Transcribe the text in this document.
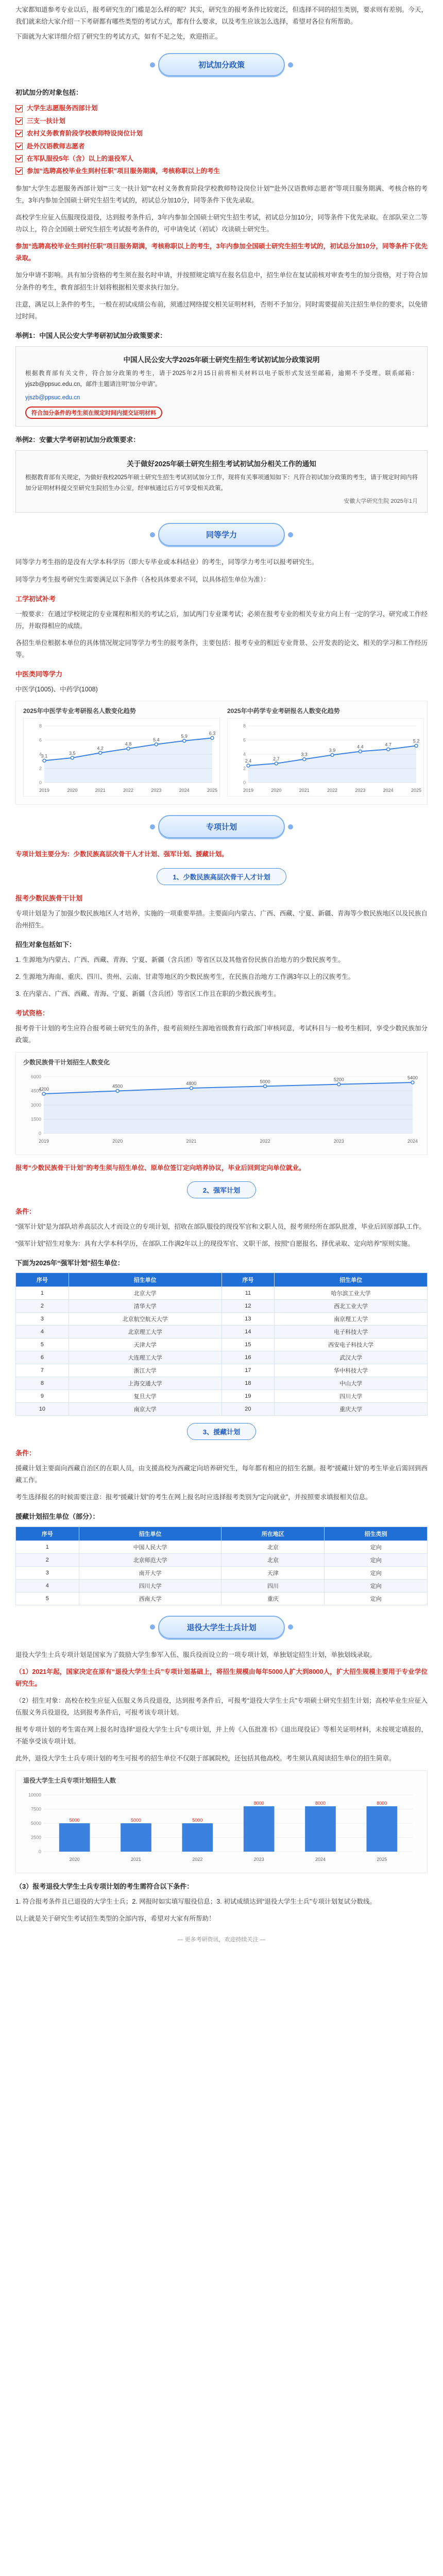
大家都知道参考专业以后，报考研究生的门槛是怎么样的呢？其实，研究生的报考条件比较宽泛，但选择不同的招生类别，要求则有差别。今天，我们就来给大家介绍一下考研都有哪些类型的考试方式，都有什么要求，以及考生应该怎么选择，希望对各位有所帮助。

下面就为大家详细介绍了研究生的考试方式，如有不足之处，欢迎指正。

初试加分政策

初试加分的对象包括：

大学生志愿服务西部计划
三支一扶计划
农村义务教育阶段学校教师特设岗位计划
赴外汉语教师志愿者
在军队服役5年（含）以上的退役军人
参加“选聘高校毕业生到村任职”项目服务期满，考核称职以上的考生

参加“大学生志愿服务西部计划”“三支一扶计划”“农村义务教育阶段学校教师特设岗位计划”“赴外汉语教师志愿者”等项目服务期满、考核合格的考生，3年内参加全国硕士研究生招生考试的，初试总分加10分，同等条件下优先录取。

高校学生应征入伍服现役退役，达到报考条件后，3年内参加全国硕士研究生招生考试，初试总分加10分，同等条件下优先录取。在部队荣立二等功以上，符合全国硕士研究生招生考试报考条件的，可申请免试（初试）攻读硕士研究生。

参加“选聘高校毕业生到村任职”项目服务期满，考核称职以上的考生，3年内参加全国硕士研究生招生考试的，初试总分加10分，同等条件下优先录取。

加分申请不影响。具有加分资格的考生须在报名时申请，并按照规定填写在报名信息中，招生单位在复试前核对审查考生的加分资格，对于符合加分条件的考生，教育部招生计划将根据相关要求执行加分。

注意，满足以上条件的考生，一般在初试成绩公布前，须通过网络提交相关证明材料，否则不予加分。同时需要提前关注招生单位的要求，以免错过时间。

举例1：中国人民公安大学考研初试加分政策要求：

中国人民公安大学2025年硕士研究生招生考试初试加分政策说明

根据教育部有关文件，符合加分政策的考生，请于2025年2月15日前将相关材料以电子版形式发送至邮箱，逾期不予受理。联系邮箱：yjszb@ppsuc.edu.cn，邮件主题请注明“加分申请”。

yjszb@ppsuc.edu.cn

符合加分条件的考生须在规定时间内提交证明材料

举例2：安徽大学考研初试加分政策要求：

关于做好2025年硕士研究生招生考试初试加分相关工作的通知

根据教育部有关规定，为做好我校2025年硕士研究生招生考试初试加分工作，现将有关事项通知如下：凡符合初试加分政策的考生，请于规定时间内将加分证明材料提交至研究生院招生办公室，经审核通过后方可享受相关政策。

安徽大学研究生院 2025年1月
同等学力

同等学力考生指的是没有大学本科学历（即大专毕业或本科结业）的考生，同等学力考生可以报考研究生。

同等学力考生报考研究生需要满足以下条件（各校具体要求不同，以具体招生单位为准）：

工学初试补考

一般要求：在通过学校规定的专业课程和相关的考试之后，加试两门专业课考试；必须在报考专业的相关专业方向上有一定的学习、研究或工作经历，并取得相应的成绩。

各招生单位根据本单位的具体情况规定同等学力考生的报考条件，主要包括：报考专业的相近专业背景、公开发表的论文、相关的学习和工作经历等。

中医类同等学力

中医学(1005)、中药学(1008)

2025年中医学专业考研报名人数变化趋势
0
2
4
6
8
3.1
3.5
4.2
4.8
5.4
5.9
6.3
2019	2020	2021	2022	2023	2024	2025
2025年中药学专业考研报名人数变化趋势
0
2
4
6
8
2.4	2.7
3.3
3.9
4.4	4.7
5.2
2019	2020	2021	2022	2023	2024	2025
专项计划

专项计划主要分为：少数民族高层次骨干人才计划、强军计划、援藏计划。

1、少数民族高层次骨干人才计划

报考少数民族骨干计划

专项计划是为了加强少数民族地区人才培养，实施的一项重要举措。主要面向内蒙古、广西、西藏、宁夏、新疆、青海等少数民族地区以及民族自治州招生。

招生对象包括如下：

1. 生源地为内蒙古、广西、西藏、青海、宁夏、新疆（含兵团）等省区以及其他省份民族自治地方的少数民族考生。

2. 生源地为海南、重庆、四川、贵州、云南、甘肃等地区的少数民族考生，在民族自治地方工作满3年以上的汉族考生。

3. 在内蒙古、广西、西藏、青海、宁夏、新疆（含兵团）等省区工作且在职的少数民族考生。

考试资格：

报考骨干计划的考生应符合报考硕士研究生的条件，报考前须经生源地省级教育行政部门审核同意，考试科目与一般考生相同，享受少数民族加分政策。

少数民族骨干计划招生人数变化
0
1500
3000
4500
6000
4200
4500
4800	5000	5200	5400
2019	2020	2021	2022	2023	2024

报考“少数民族骨干计划”的考生须与招生单位、原单位签订定向培养协议，毕业后回到定向单位就业。

2、强军计划

条件：

“强军计划”是为部队培养高层次人才而设立的专项计划，招收在部队服役的现役军官和文职人员，报考须经所在部队批准，毕业后回原部队工作。

“强军计划”招生对象为：具有大学本科学历，在部队工作满2年以上的现役军官、文职干部，按照“自愿报名、择优录取、定向培养”原则实施。

下面为2025年“强军计划”招生单位：

序号	招生单位	序号	招生单位
1	北京大学	11	哈尔滨工业大学
2	清华大学	12	西北工业大学
3	北京航空航天大学	13	南京理工大学
4	北京理工大学	14	电子科技大学
5	天津大学	15	西安电子科技大学
6	大连理工大学	16	武汉大学
7	浙江大学	17	华中科技大学
8	上海交通大学	18	中山大学
9	复旦大学	19	四川大学
10	南京大学	20	重庆大学
3、援藏计划

条件：

援藏计划主要面向西藏自治区的在职人员，由支援高校为西藏定向培养研究生，每年都有相应的招生名额。报考“援藏计划”的考生毕业后需回到西藏工作。

考生选择报名的时候需要注意：报考“援藏计划”的考生在网上报名时应选择报考类别为“定向就业”，并按照要求填报相关信息。

援藏计划招生单位（部分）：

序号	招生单位	所在地区	招生类别
1	中国人民大学	北京	定向
2	北京师范大学	北京	定向
3	南开大学	天津	定向
4	四川大学	四川	定向
5	西南大学	重庆	定向
退役大学生士兵计划

退役大学生士兵专项计划是国家为了鼓励大学生参军入伍、服兵役而设立的一项专项计划，单独划定招生计划，单独划线录取。

（1）2021年起，国家决定在原有“退役大学生士兵”专项计划基础上，将招生规模由每年5000人扩大到8000人，扩大招生规模主要用于专业学位研究生。

（2）招生对象：高校在校生应征入伍服义务兵役退役，达到报考条件后，可报考“退役大学生士兵”专项硕士研究生招生计划；高校毕业生应征入伍服义务兵役退役，达到报考条件后，可报考该专项计划。

报考专项计划的考生需在网上报名时选择“退役大学生士兵”专项计划，并上传《入伍批准书》《退出现役证》等相关证明材料，未按规定填报的，不能享受该专项计划。

此外，退役大学生士兵专项计划的考生可报考的招生单位不仅限于部属院校，还包括其他高校。考生须认真阅读招生单位的招生简章。

退役大学生士兵专项计划招生人数
0
2500
5000
7500
10000
5000	5000	5000
8000	8000	8000
2020	2021	2022	2023	2024	2025

（3）报考退役大学生士兵专项计划的考生需符合以下条件：

1. 符合报考条件且已退役的大学生士兵；2. 网报时如实填写服役信息；3. 初试成绩达到“退役大学生士兵”专项计划复试分数线。

以上就是关于研究生考试招生类型的全部内容，希望对大家有所帮助！

— 更多考研资讯，欢迎持续关注 —
